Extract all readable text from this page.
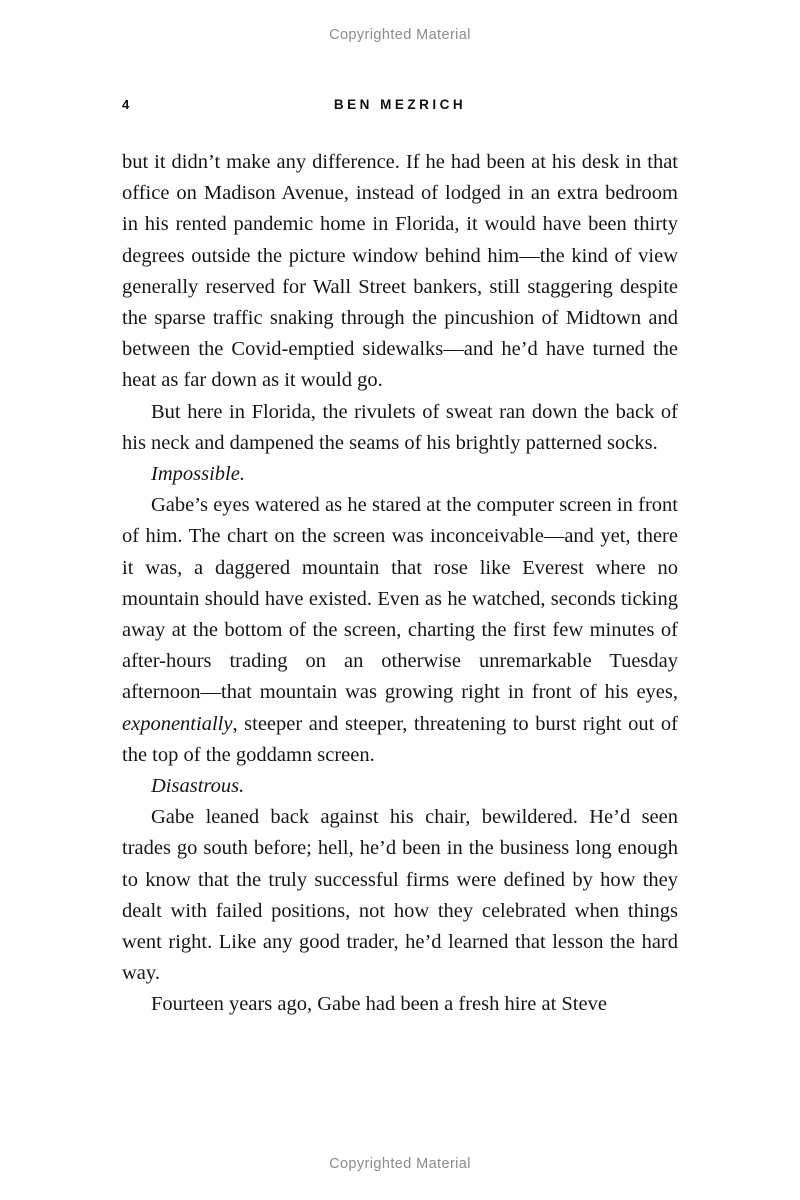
Copyrighted Material
4	BEN MEZRICH

but it didn’t make any difference. If he had been at his desk in that office on Madison Avenue, instead of lodged in an extra bedroom in his rented pandemic home in Florida, it would have been thirty degrees outside the picture window behind him—the kind of view generally reserved for Wall Street bankers, still staggering despite the sparse traffic snaking through the pincushion of Midtown and between the Covid-emptied sidewalks—and he’d have turned the heat as far down as it would go.

But here in Florida, the rivulets of sweat ran down the back of his neck and dampened the seams of his brightly patterned socks.

Impossible.

Gabe’s eyes watered as he stared at the computer screen in front of him. The chart on the screen was inconceivable—and yet, there it was, a daggered mountain that rose like Everest where no mountain should have existed. Even as he watched, seconds ticking away at the bottom of the screen, charting the first few minutes of after-hours trading on an otherwise unremarkable Tuesday afternoon—that mountain was growing right in front of his eyes, exponentially, steeper and steeper, threatening to burst right out of the top of the goddamn screen.

Disastrous.

Gabe leaned back against his chair, bewildered. He’d seen trades go south before; hell, he’d been in the business long enough to know that the truly successful firms were defined by how they dealt with failed positions, not how they celebrated when things went right. Like any good trader, he’d learned that lesson the hard way.

Fourteen years ago, Gabe had been a fresh hire at Steve

Copyrighted Material
